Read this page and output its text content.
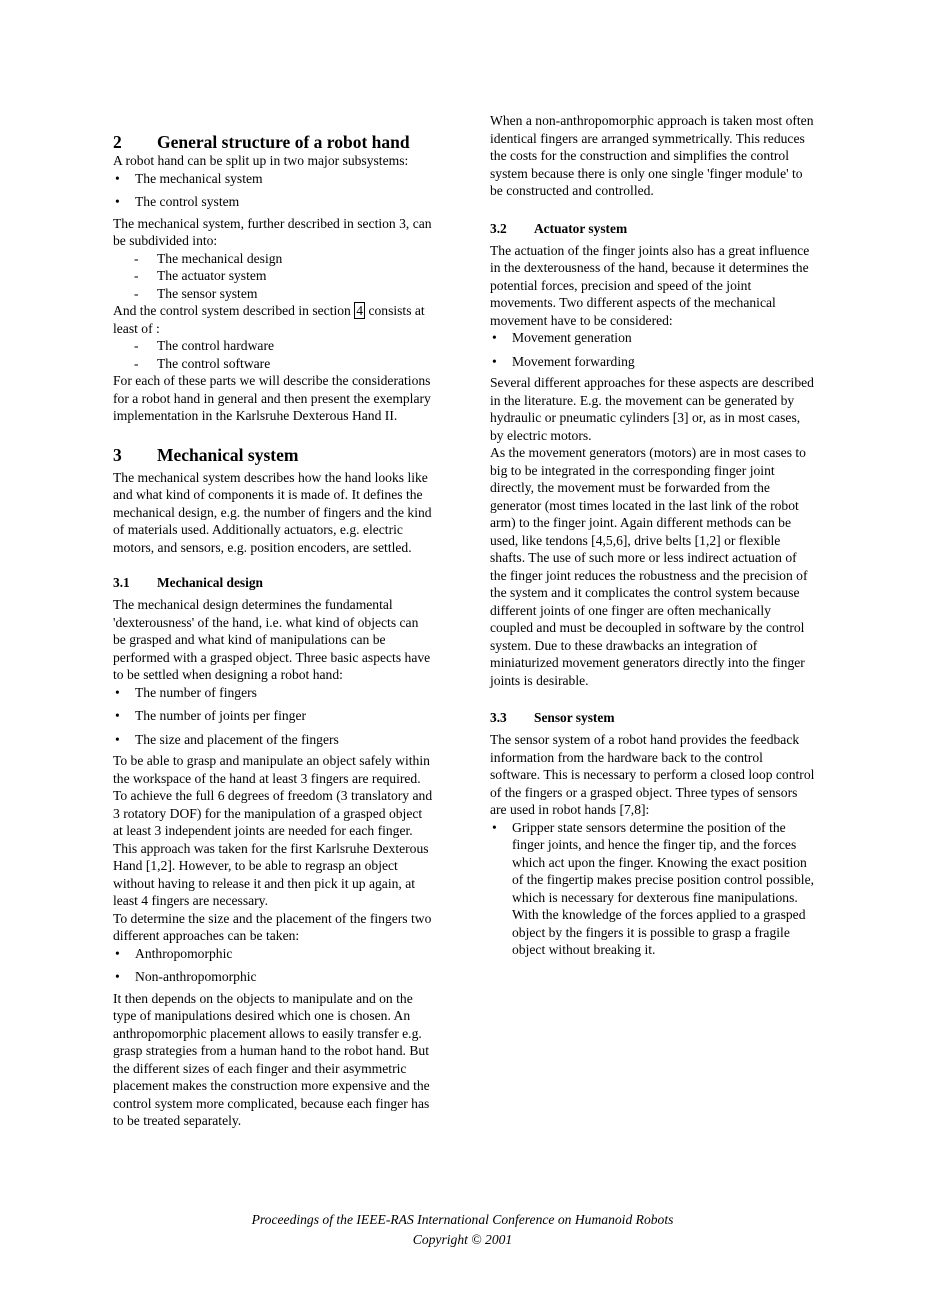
2 General structure of a robot hand

A robot hand can be split up in two major subsystems:

• The mechanical system
• The control system

The mechanical system, further described in section 3, can be subdivided into:

- The mechanical design
- The actuator system
- The sensor system

And the control system described in section 4 consists at least of :

- The control hardware
- The control software

For each of these parts we will describe the considerations for a robot hand in general and then present the exemplary implementation in the Karlsruhe Dexterous Hand II.

3 Mechanical system

The mechanical system describes how the hand looks like and what kind of components it is made of. It defines the mechanical design, e.g. the number of fingers and the kind of materials used. Additionally actuators, e.g. electric motors, and sensors, e.g. position encoders, are settled.

3.1 Mechanical design

The mechanical design determines the fundamental 'dexterousness' of the hand, i.e. what kind of objects can be grasped and what kind of manipulations can be performed with a grasped object. Three basic aspects have to be settled when designing a robot hand:

• The number of fingers
• The number of joints per finger
• The size and placement of the fingers

To be able to grasp and manipulate an object safely within the workspace of the hand at least 3 fingers are required. To achieve the full 6 degrees of freedom (3 translatory and 3 rotatory DOF) for the manipulation of a grasped object at least 3 independent joints are needed for each finger. This approach was taken for the first Karlsruhe Dexterous Hand [1,2]. However, to be able to regrasp an object without having to release it and then pick it up again, at least 4 fingers are necessary.

To determine the size and the placement of the fingers two different approaches can be taken:

• Anthropomorphic
• Non-anthropomorphic

It then depends on the objects to manipulate and on the type of manipulations desired which one is chosen. An anthropomorphic placement allows to easily transfer e.g. grasp strategies from a human hand to the robot hand. But the different sizes of each finger and their asymmetric placement makes the construction more expensive and the control system more complicated, because each finger has to be treated separately.

When a non-anthropomorphic approach is taken most often identical fingers are arranged symmetrically. This reduces the costs for the construction and simplifies the control system because there is only one single 'finger module' to be constructed and controlled.

3.2 Actuator system

The actuation of the finger joints also has a great influence in the dexterousness of the hand, because it determines the potential forces, precision and speed of the joint movements. Two different aspects of the mechanical movement have to be considered:

• Movement generation
• Movement forwarding

Several different approaches for these aspects are described in the literature. E.g. the movement can be generated by hydraulic or pneumatic cylinders [3] or, as in most cases, by electric motors.

As the movement generators (motors) are in most cases to big to be integrated in the corresponding finger joint directly, the movement must be forwarded from the generator (most times located in the last link of the robot arm) to the finger joint. Again different methods can be used, like tendons [4,5,6], drive belts [1,2] or flexible shafts. The use of such more or less indirect actuation of the finger joint reduces the robustness and the precision of the system and it complicates the control system because different joints of one finger are often mechanically coupled and must be decoupled in software by the control system. Due to these drawbacks an integration of miniaturized movement generators directly into the finger joints is desirable.

3.3 Sensor system

The sensor system of a robot hand provides the feedback information from the hardware back to the control software. This is necessary to perform a closed loop control of the fingers or a grasped object. Three types of sensors are used in robot hands [7,8]:

• Gripper state sensors determine the position of the finger joints, and hence the finger tip, and the forces which act upon the finger. Knowing the exact position of the fingertip makes precise position control possible, which is necessary for dexterous fine manipulations. With the knowledge of the forces applied to a grasped object by the fingers it is possible to grasp a fragile object without breaking it.
Proceedings of the IEEE-RAS International Conference on Humanoid Robots
Copyright © 2001
